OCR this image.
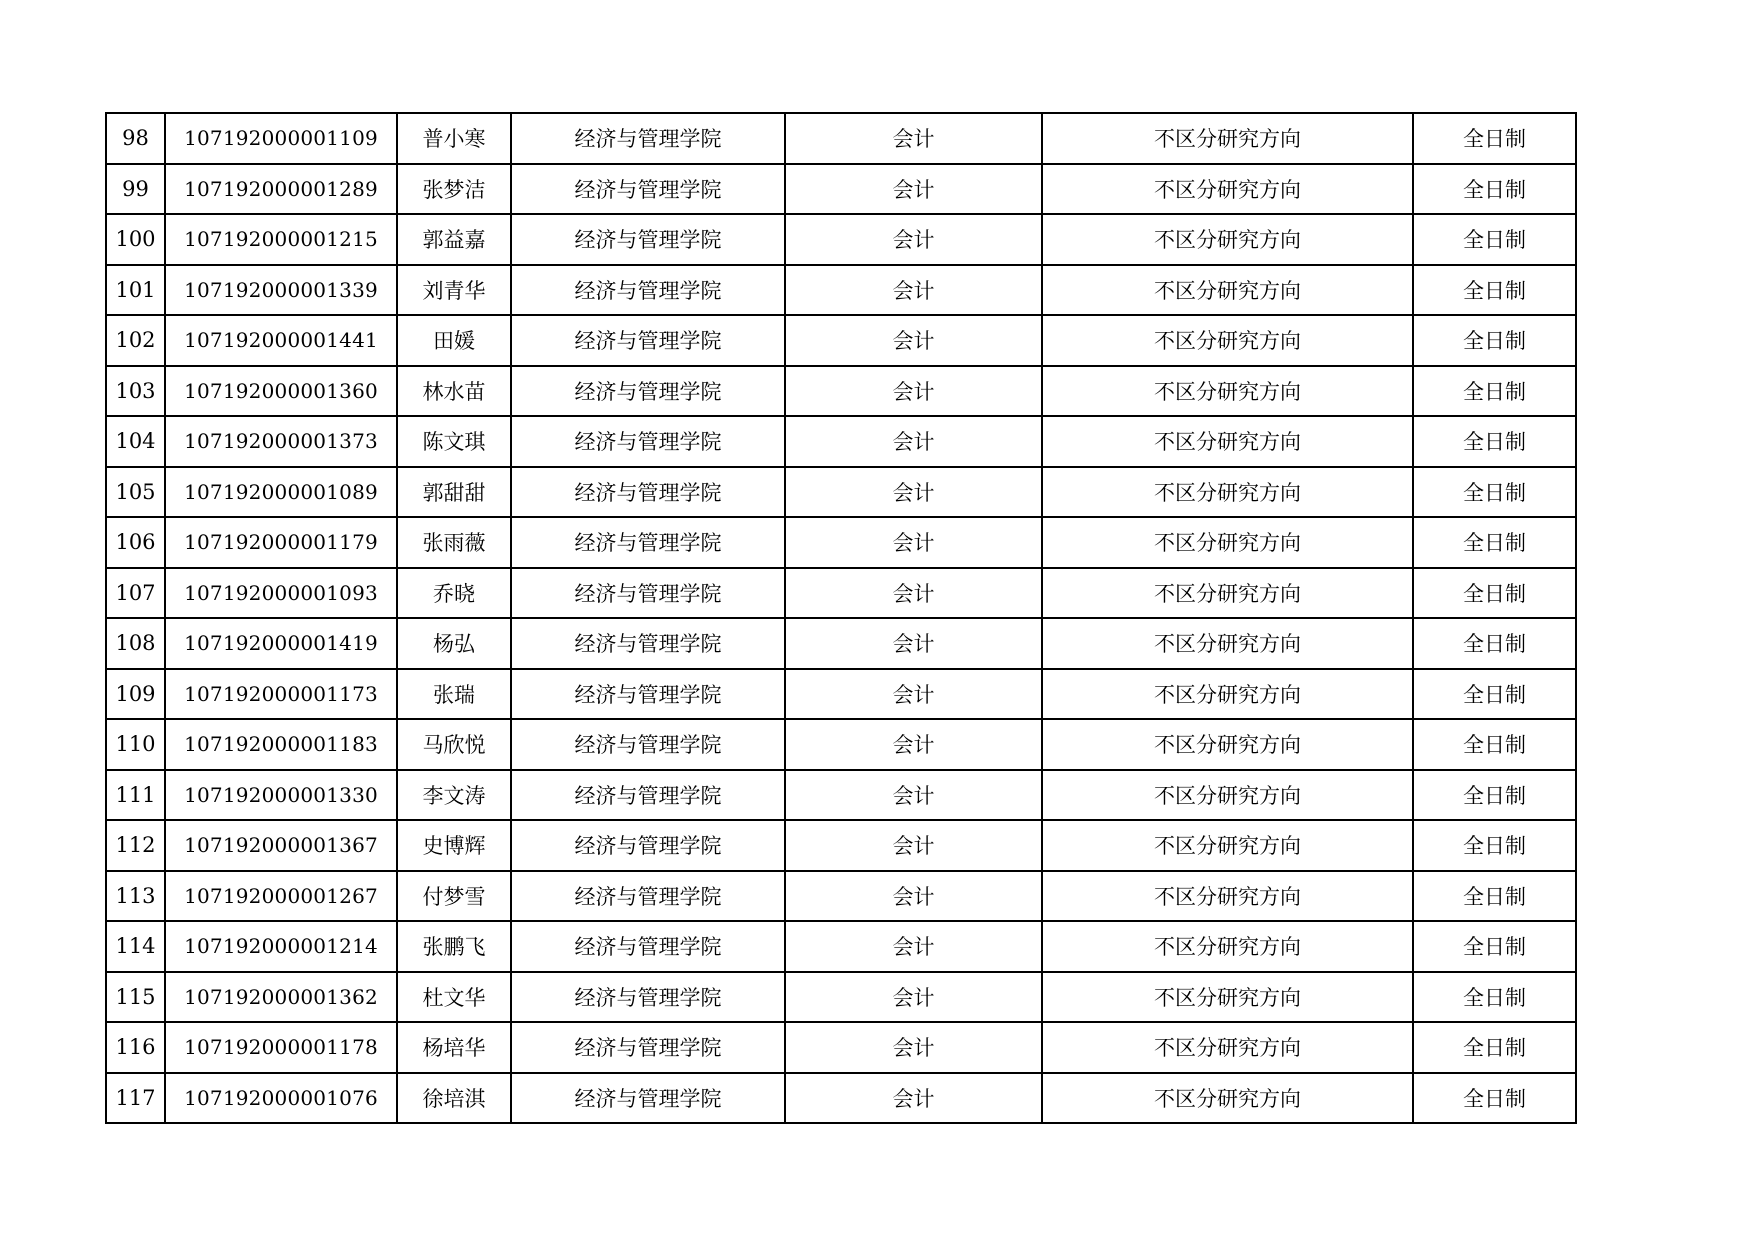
98	107192000001109	普小寒	经济与管理学院	会计	不区分研究方向	全日制
99	107192000001289	张梦洁	经济与管理学院	会计	不区分研究方向	全日制
100	107192000001215	郭益嘉	经济与管理学院	会计	不区分研究方向	全日制
101	107192000001339	刘青华	经济与管理学院	会计	不区分研究方向	全日制
102	107192000001441	田媛	经济与管理学院	会计	不区分研究方向	全日制
103	107192000001360	林水苗	经济与管理学院	会计	不区分研究方向	全日制
104	107192000001373	陈文琪	经济与管理学院	会计	不区分研究方向	全日制
105	107192000001089	郭甜甜	经济与管理学院	会计	不区分研究方向	全日制
106	107192000001179	张雨薇	经济与管理学院	会计	不区分研究方向	全日制
107	107192000001093	乔晓	经济与管理学院	会计	不区分研究方向	全日制
108	107192000001419	杨弘	经济与管理学院	会计	不区分研究方向	全日制
109	107192000001173	张瑞	经济与管理学院	会计	不区分研究方向	全日制
110	107192000001183	马欣悦	经济与管理学院	会计	不区分研究方向	全日制
111	107192000001330	李文涛	经济与管理学院	会计	不区分研究方向	全日制
112	107192000001367	史博辉	经济与管理学院	会计	不区分研究方向	全日制
113	107192000001267	付梦雪	经济与管理学院	会计	不区分研究方向	全日制
114	107192000001214	张鹏飞	经济与管理学院	会计	不区分研究方向	全日制
115	107192000001362	杜文华	经济与管理学院	会计	不区分研究方向	全日制
116	107192000001178	杨培华	经济与管理学院	会计	不区分研究方向	全日制
117	107192000001076	徐培淇	经济与管理学院	会计	不区分研究方向	全日制
